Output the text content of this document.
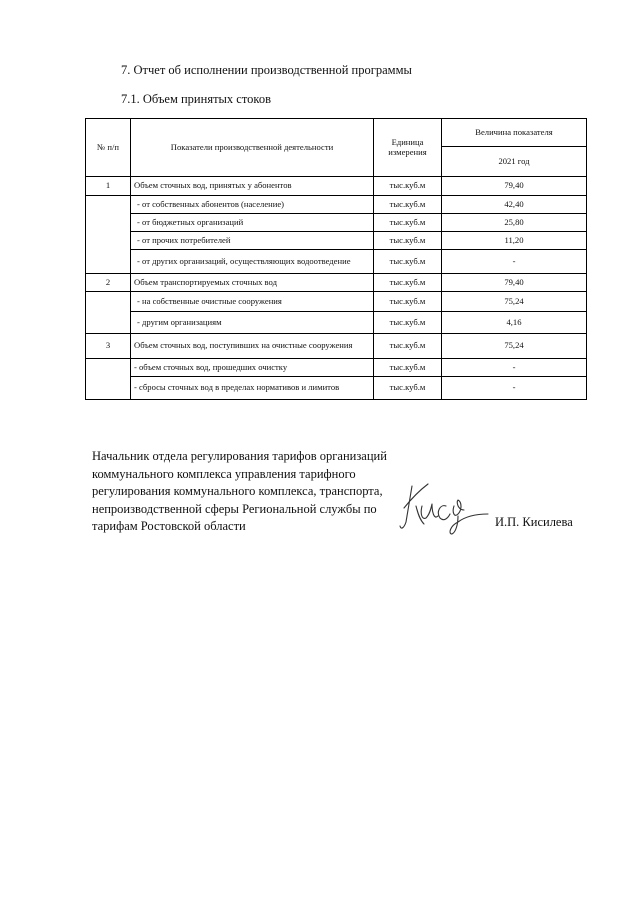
7. Отчет об исполнении производственной программы
7.1. Объем принятых стоков
№ п/п	Показатели производственной деятельности	Единица измерения	Величина показателя
			2021 год
1	Объем сточных вод, принятых у абонентов	тыс.куб.м	79,40
	- от собственных абонентов (население)	тыс.куб.м	42,40
	- от бюджетных организаций	тыс.куб.м	25,80
	- от прочих потребителей	тыс.куб.м	11,20
	- от других организаций, осуществляющих водоотведение	тыс.куб.м	-
2	Объем транспортируемых сточных вод	тыс.куб.м	79,40
	- на собственные очистные сооружения	тыс.куб.м	75,24
	- другим организациям	тыс.куб.м	4,16
3	Объем сточных вод, поступивших на очистные сооружения	тыс.куб.м	75,24
	- объем сточных вод, прошедших очистку	тыс.куб.м	-
	- сбросы сточных вод в пределах нормативов и лимитов	тыс.куб.м	-
Начальник отдела регулирования тарифов организаций
коммунального комплекса управления тарифного
регулирования коммунального комплекса, транспорта,
непроизводственной сферы Региональной службы по
тарифам Ростовской области	И.П. Кисилева
